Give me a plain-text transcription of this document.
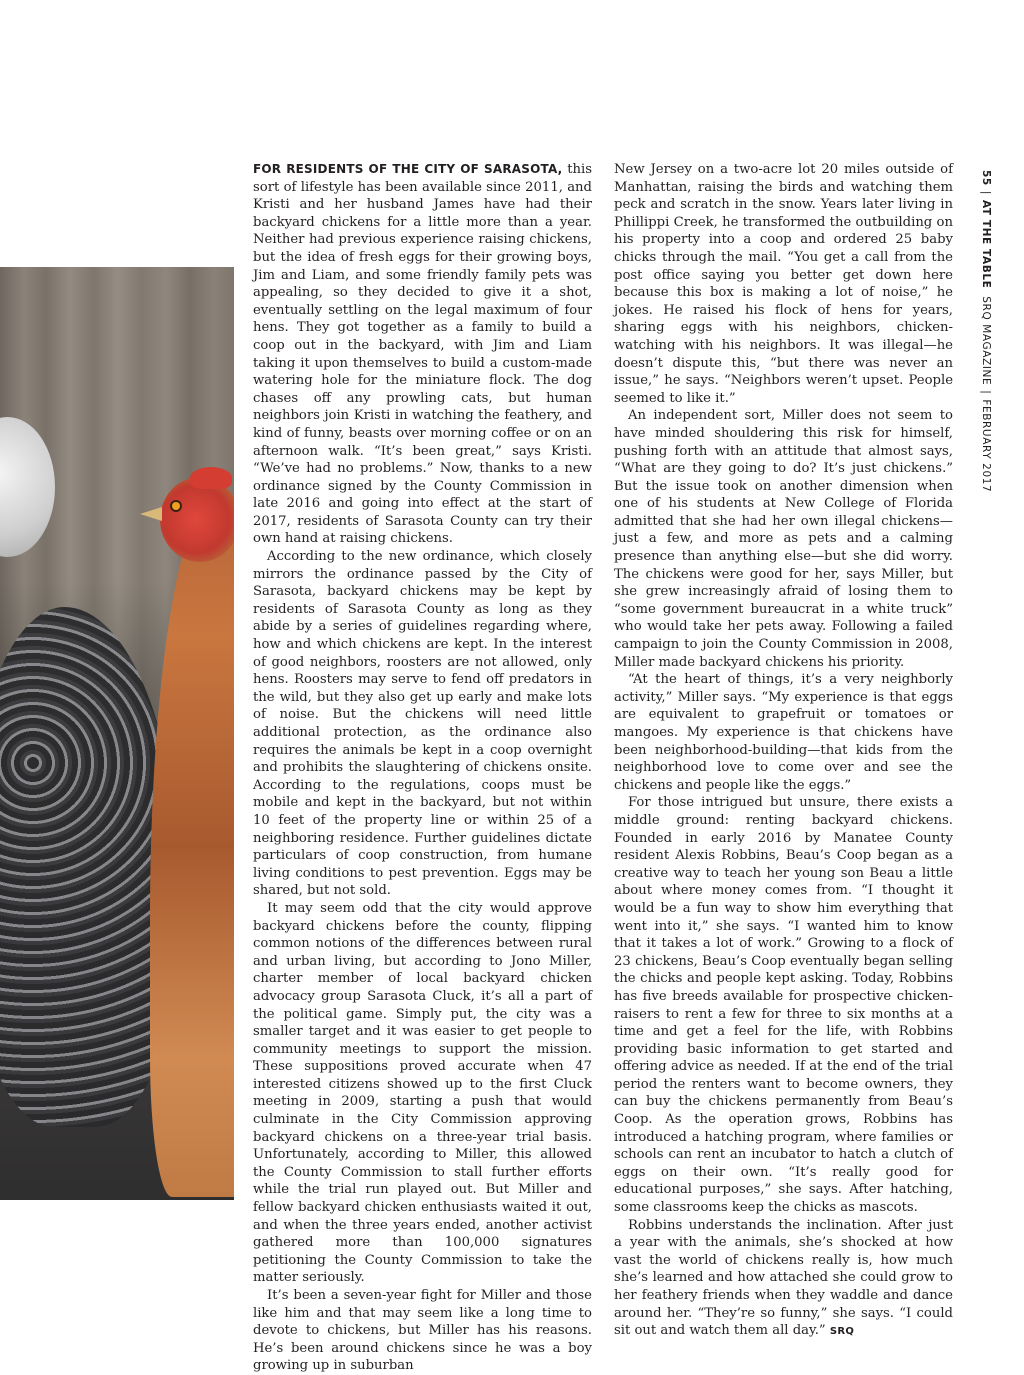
FOR RESIDENTS OF THE CITY OF SARASOTA, this sort of lifestyle has been available since 2011, and Kristi and her husband James have had their backyard chickens for a little more than a year. Neither had previous experience raising chickens, but the idea of fresh eggs for their growing boys, Jim and Liam, and some friendly family pets was appealing, so they decided to give it a shot, eventually settling on the legal maximum of four hens. They got together as a family to build a coop out in the backyard, with Jim and Liam taking it upon themselves to build a custom-made watering hole for the miniature flock. The dog chases off any prowling cats, but human neighbors join Kristi in watching the feathery, and kind of funny, beasts over morning coffee or on an afternoon walk. “It’s been great,” says Kristi. “We’ve had no problems.” Now, thanks to a new ordinance signed by the County Commission in late 2016 and going into effect at the start of 2017, residents of Sarasota County can try their own hand at raising chickens.

According to the new ordinance, which closely mirrors the ordinance passed by the City of Sarasota, backyard chickens may be kept by residents of Sarasota County as long as they abide by a series of guidelines regarding where, how and which chickens are kept. In the interest of good neighbors, roosters are not allowed, only hens. Roosters may serve to fend off predators in the wild, but they also get up early and make lots of noise. But the chickens will need little additional protection, as the ordinance also requires the animals be kept in a coop overnight and prohibits the slaughtering of chickens onsite. According to the regulations, coops must be mobile and kept in the backyard, but not within 10 feet of the property line or within 25 of a neighboring residence. Further guidelines dictate particulars of coop construction, from humane living conditions to pest prevention. Eggs may be shared, but not sold.

It may seem odd that the city would approve backyard chickens before the county, flipping common notions of the differences between rural and urban living, but according to Jono Miller, charter member of local backyard chicken advocacy group Sarasota Cluck, it’s all a part of the political game. Simply put, the city was a smaller target and it was easier to get people to community meetings to support the mission. These suppositions proved accurate when 47 interested citizens showed up to the first Cluck meeting in 2009, starting a push that would culminate in the City Commission approving backyard chickens on a three-year trial basis. Unfortunately, according to Miller, this allowed the County Commission to stall further efforts while the trial run played out. But Miller and fellow backyard chicken enthusiasts waited it out, and when the three years ended, another activist gathered more than 100,000 signatures petitioning the County Commission to take the matter seriously.

It’s been a seven-year fight for Miller and those like him and that may seem like a long time to devote to chickens, but Miller has his reasons. He’s been around chickens since he was a boy growing up in suburban

New Jersey on a two-acre lot 20 miles outside of Manhattan, raising the birds and watching them peck and scratch in the snow. Years later living in Phillippi Creek, he transformed the outbuilding on his property into a coop and ordered 25 baby chicks through the mail. “You get a call from the post office saying you better get down here because this box is making a lot of noise,” he jokes. He raised his flock of hens for years, sharing eggs with his neighbors, chicken-watching with his neighbors. It was illegal—he doesn’t dispute this, “but there was never an issue,” he says. “Neighbors weren’t upset. People seemed to like it.”

An independent sort, Miller does not seem to have minded shouldering this risk for himself, pushing forth with an attitude that almost says, “What are they going to do? It’s just chickens.” But the issue took on another dimension when one of his students at New College of Florida admitted that she had her own illegal chickens—just a few, and more as pets and a calming presence than anything else—but she did worry. The chickens were good for her, says Miller, but she grew increasingly afraid of losing them to “some government bureaucrat in a white truck” who would take her pets away. Following a failed campaign to join the County Commission in 2008, Miller made backyard chickens his priority.

“At the heart of things, it’s a very neighborly activity,” Miller says. “My experience is that eggs are equivalent to grapefruit or tomatoes or mangoes. My experience is that chickens have been neighborhood-building—that kids from the neighborhood love to come over and see the chickens and people like the eggs.”

For those intrigued but unsure, there exists a middle ground: renting backyard chickens. Founded in early 2016 by Manatee County resident Alexis Robbins, Beau’s Coop began as a creative way to teach her young son Beau a little about where money comes from. “I thought it would be a fun way to show him everything that went into it,” she says. “I wanted him to know that it takes a lot of work.” Growing to a flock of 23 chickens, Beau’s Coop eventually began selling the chicks and people kept asking. Today, Robbins has five breeds available for prospective chicken-raisers to rent a few for three to six months at a time and get a feel for the life, with Robbins providing basic information to get started and offering advice as needed. If at the end of the trial period the renters want to become owners, they can buy the chickens permanently from Beau’s Coop. As the operation grows, Robbins has introduced a hatching program, where families or schools can rent an incubator to hatch a clutch of eggs on their own. “It’s really good for educational purposes,” she says. After hatching, some classrooms keep the chicks as mascots.

Robbins understands the inclination. After just a year with the animals, she’s shocked at how vast the world of chickens really is, how much she’s learned and how attached she could grow to her feathery friends when they waddle and dance around her. “They’re so funny,” she says. “I could sit out and watch them all day.” SRQ

55|AT THE TABLE  SRQ MAGAZINE|FEBRUARY 2017
